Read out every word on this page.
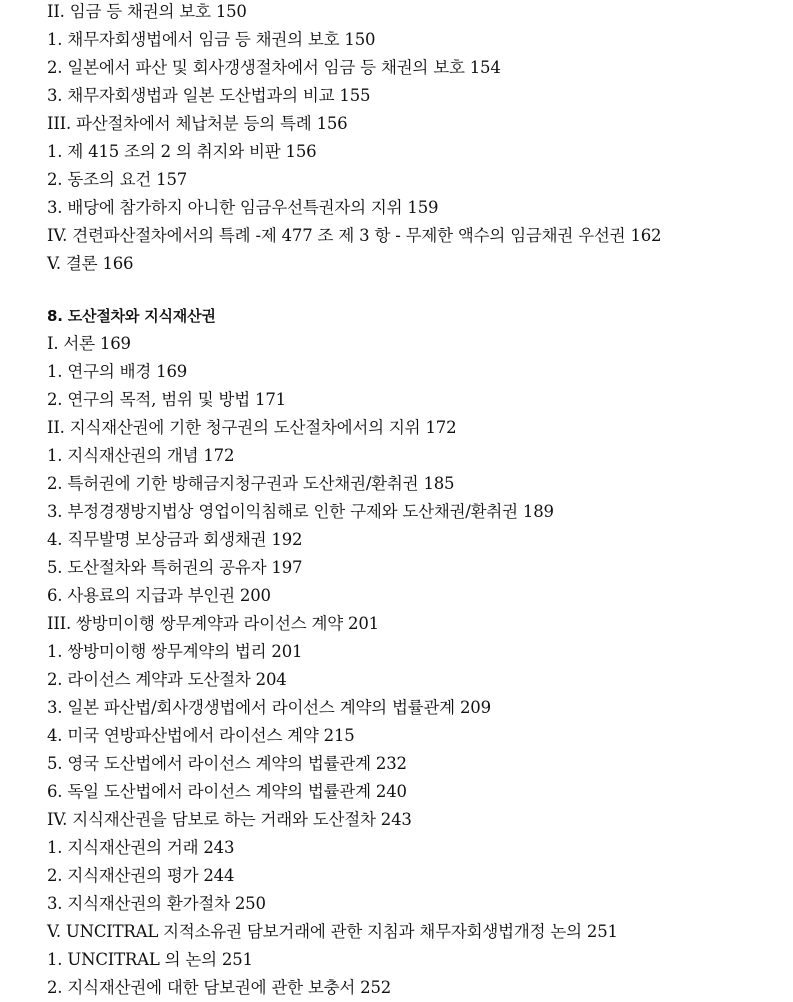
II. 임금 등 채권의 보호 150
1. 채무자회생법에서 임금 등 채권의 보호 150
2. 일본에서 파산 및 회사갱생절차에서 임금 등 채권의 보호 154
3. 채무자회생법과 일본 도산법과의 비교 155
III. 파산절차에서 체납처분 등의 특례 156
1. 제 415 조의 2 의 취지와 비판 156
2. 동조의 요건 157
3. 배당에 참가하지 아니한 임금우선특권자의 지위 159
IV. 견련파산절차에서의 특례 -제 477 조 제 3 항 - 무제한 액수의 임금채권 우선권 162
V. 결론 166
8. 도산절차와 지식재산권
I. 서론 169
1. 연구의 배경 169
2. 연구의 목적, 범위 및 방법 171
II. 지식재산권에 기한 청구권의 도산절차에서의 지위 172
1. 지식재산권의 개념 172
2. 특허권에 기한 방해금지청구권과 도산채권/환취권 185
3. 부정경쟁방지법상 영업이익침해로 인한 구제와 도산채권/환취권 189
4. 직무발명 보상금과 회생채권 192
5. 도산절차와 특허권의 공유자 197
6. 사용료의 지급과 부인권 200
III. 쌍방미이행 쌍무계약과 라이선스 계약 201
1. 쌍방미이행 쌍무계약의 법리 201
2. 라이선스 계약과 도산절차 204
3. 일본 파산법/회사갱생법에서 라이선스 계약의 법률관계 209
4. 미국 연방파산법에서 라이선스 계약 215
5. 영국 도산법에서 라이선스 계약의 법률관계 232
6. 독일 도산법에서 라이선스 계약의 법률관계 240
IV. 지식재산권을 담보로 하는 거래와 도산절차 243
1. 지식재산권의 거래 243
2. 지식재산권의 평가 244
3. 지식재산권의 환가절차 250
V. UNCITRAL 지적소유권 담보거래에 관한 지침과 채무자회생법개정 논의 251
1. UNCITRAL 의 논의 251
2. 지식재산권에 대한 담보권에 관한 보충서 252
